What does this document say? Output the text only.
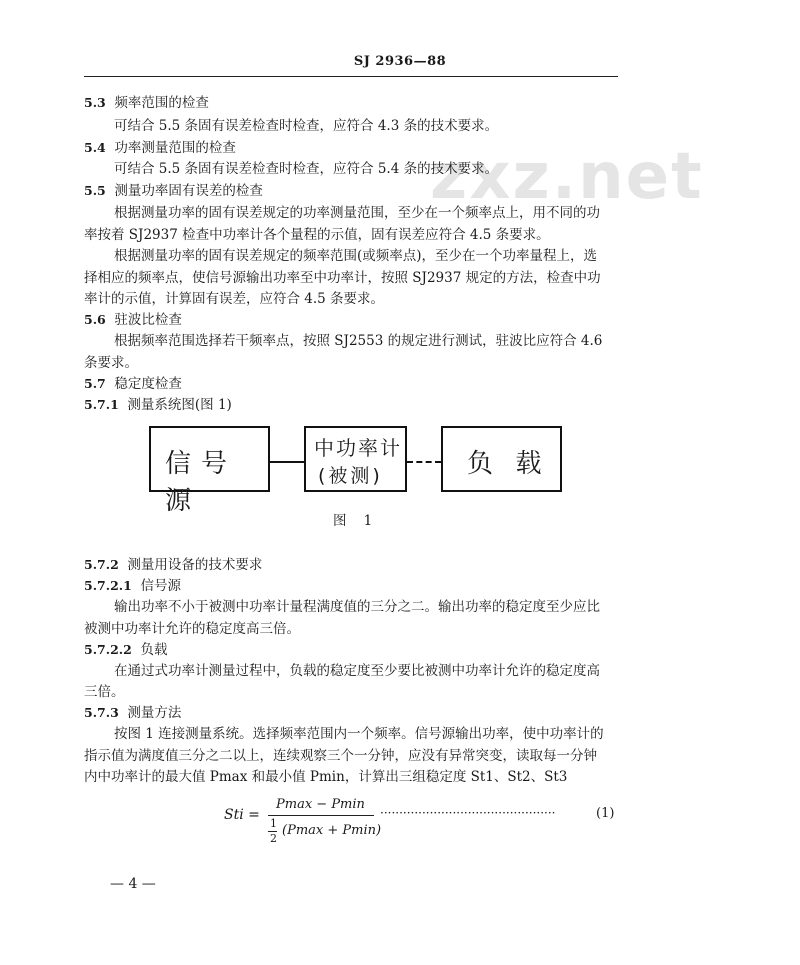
zxz.net
SJ 2936—88
5.3 频率范围的检查
可结合 5.5 条固有误差检查时检查，应符合 4.3 条的技术要求。
5.4 功率测量范围的检查
可结合 5.5 条固有误差检查时检查，应符合 5.4 条的技术要求。
5.5 测量功率固有误差的检查
根据测量功率的固有误差规定的功率测量范围，至少在一个频率点上，用不同的功
率按着 SJ2937 检查中功率计各个量程的示值，固有误差应符合 4.5 条要求。
根据测量功率的固有误差规定的频率范围(或频率点)，至少在一个功率量程上，选
择相应的频率点，使信号源输出功率至中功率计，按照 SJ2937 规定的方法，检查中功
率计的示值，计算固有误差，应符合 4.5 条要求。
5.6 驻波比检查
根据频率范围选择若干频率点，按照 SJ2553 的规定进行测试，驻波比应符合 4.6
条要求。
5.7 稳定度检查
5.7.1 测量系统图(图 1)
信号源
中功率计
(被测)	负  载
图    1
5.7.2 测量用设备的技术要求
5.7.2.1 信号源
输出功率不小于被测中功率计量程满度值的三分之二。输出功率的稳定度至少应比
被测中功率计允许的稳定度高三倍。
5.7.2.2 负载
在通过式功率计测量过程中，负载的稳定度至少要比被测中功率计允许的稳定度高
三倍。
5.7.3 测量方法
按图 1 连接测量系统。选择频率范围内一个频率。信号源输出功率，使中功率计的
指示值为满度值三分之二以上，连续观察三个一分钟，应没有异常突变，读取每一分钟
内中功率计的最大值 Pmax 和最小值 Pmin，计算出三组稳定度 St1、St2、St3
Sti =
Pmax − Pmin
1
2
(Pmax + Pmin)
··············································	(1)
— 4 —
